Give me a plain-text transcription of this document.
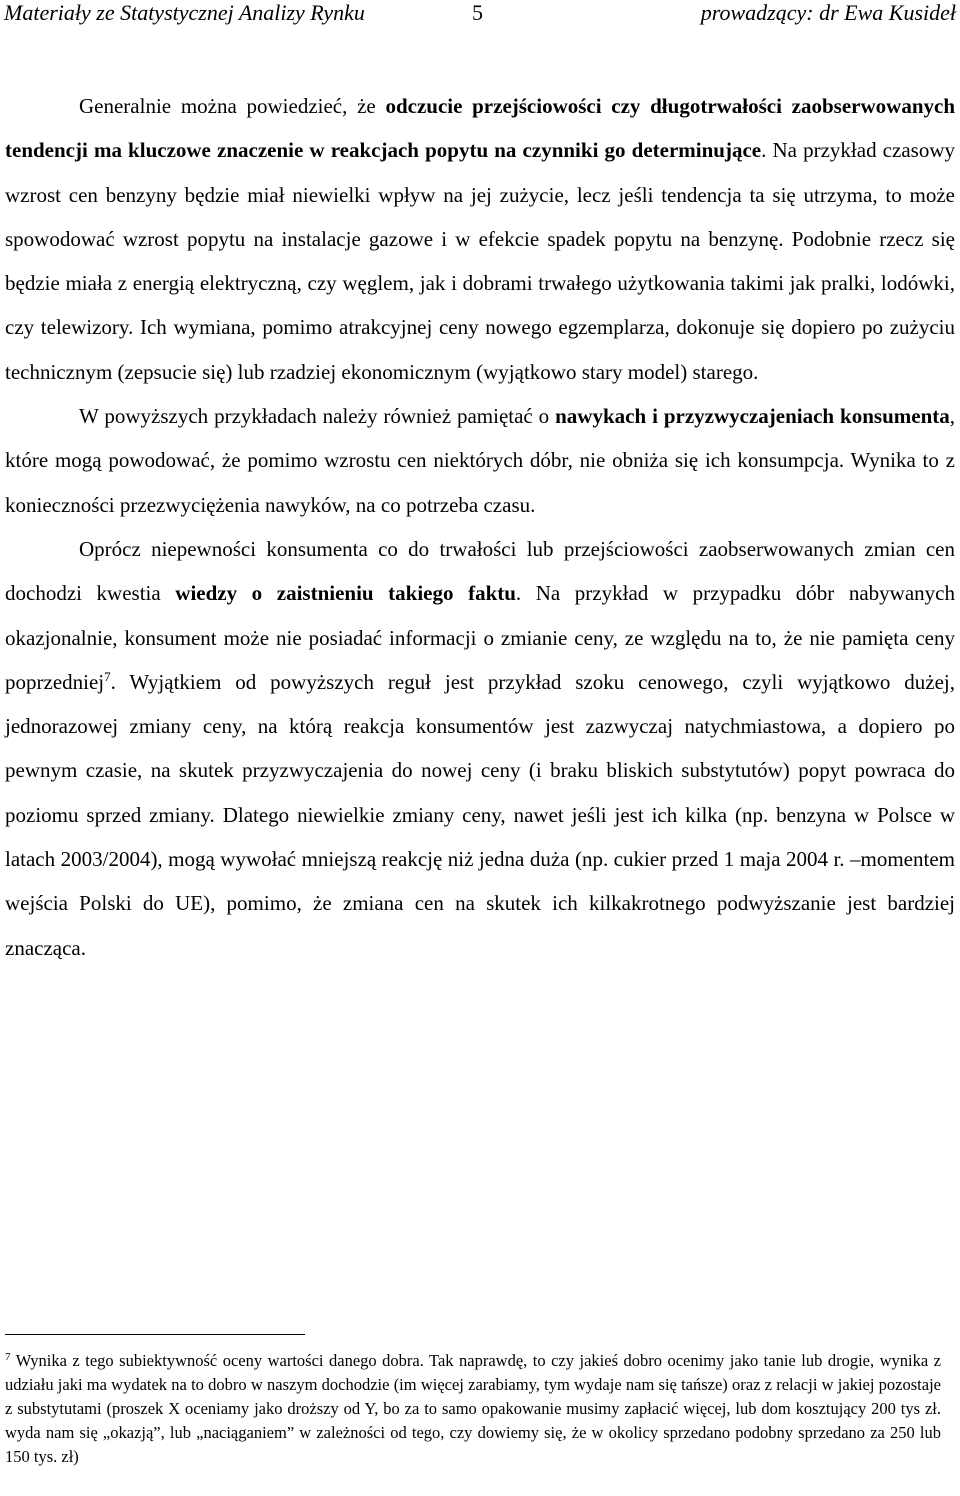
Materiały ze Statystycznej Analizy Rynku	5	prowadzący: dr Ewa Kusideł

Generalnie można powiedzieć, że odczucie przejściowości czy długotrwałości zaobserwowanych tendencji ma kluczowe znaczenie w reakcjach popytu na czynniki go determinujące. Na przykład czasowy wzrost cen benzyny będzie miał niewielki wpływ na jej zużycie, lecz jeśli tendencja ta się utrzyma, to może spowodować wzrost popytu na instalacje gazowe i w efekcie spadek popytu na benzynę. Podobnie rzecz się będzie miała z energią elektryczną, czy węglem, jak i dobrami trwałego użytkowania takimi jak pralki, lodówki, czy telewizory. Ich wymiana, pomimo atrakcyjnej ceny nowego egzemplarza, dokonuje się dopiero po zużyciu technicznym (zepsucie się) lub rzadziej ekonomicznym (wyjątkowo stary model) starego.

W powyższych przykładach należy również pamiętać o nawykach i przyzwyczajeniach konsumenta, które mogą powodować, że pomimo wzrostu cen niektórych dóbr, nie obniża się ich konsumpcja. Wynika to z konieczności przezwyciężenia nawyków, na co potrzeba czasu.

Oprócz niepewności konsumenta co do trwałości lub przejściowości zaobserwowanych zmian cen dochodzi kwestia wiedzy o zaistnieniu takiego faktu. Na przykład w przypadku dóbr nabywanych okazjonalnie, konsument może nie posiadać informacji o zmianie ceny, ze względu na to, że nie pamięta ceny poprzedniej$^7$. Wyjątkiem od powyższych reguł jest przykład szoku cenowego, czyli wyjątkowo dużej, jednorazowej zmiany ceny, na którą reakcja konsumentów jest zazwyczaj natychmiastowa, a dopiero po pewnym czasie, na skutek przyzwyczajenia do nowej ceny (i braku bliskich substytutów) popyt powraca do poziomu sprzed zmiany. Dlatego niewielkie zmiany ceny, nawet jeśli jest ich kilka (np. benzyna w Polsce w latach 2003/2004), mogą wywołać mniejszą reakcję niż jedna duża (np. cukier przed 1 maja 2004 r. –momentem wejścia Polski do UE), pomimo, że zmiana cen na skutek ich kilkakrotnego podwyższanie jest bardziej znacząca.

$^7$ Wynika z tego subiektywność oceny wartości danego dobra. Tak naprawdę, to czy jakieś dobro ocenimy jako tanie lub drogie, wynika z udziału jaki ma wydatek na to dobro w naszym dochodzie (im więcej zarabiamy, tym wydaje nam się tańsze) oraz z relacji w jakiej pozostaje z substytutami (proszek X oceniamy jako droższy od Y, bo za to samo opakowanie musimy zapłacić więcej, lub dom kosztujący 200 tys zł. wyda nam się „okazją”, lub „naciąganiem” w zależności od tego, czy dowiemy się, że w okolicy sprzedano podobny sprzedano za 250 lub 150 tys. zł)
